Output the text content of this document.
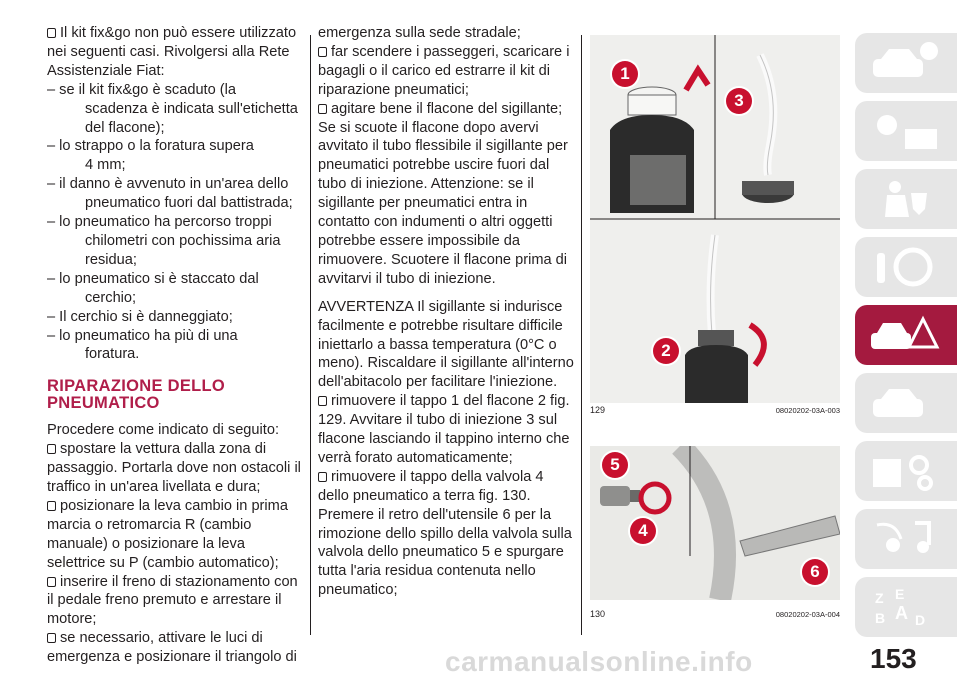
Il kit fix&go non può essere utilizzato nei seguenti casi. Rivolgersi alla Rete Assistenziale Fiat:

– se il kit fix&go è scaduto (la
scadenza è indicata sull'etichetta del flacone);
– lo strappo o la foratura supera
4 mm;
– il danno è avvenuto in un'area dello
pneumatico fuori dal battistrada;
– lo pneumatico ha percorso troppi
chilometri con pochissima aria residua;
– lo pneumatico si è staccato dal
cerchio;
– Il cerchio si è danneggiato;
– lo pneumatico ha più di una
foratura.
RIPARAZIONE DELLO PNEUMATICO

Procedere come indicato di seguito:

spostare la vettura dalla zona di passaggio. Portarla dove non ostacoli il traffico in un'area livellata e dura;

posizionare la leva cambio in prima marcia o retromarcia R (cambio manuale) o posizionare la leva selettrice su P (cambio automatico);

inserire il freno di stazionamento con il pedale freno premuto e arrestare il motore;

se necessario, attivare le luci di emergenza e posizionare il triangolo di

emergenza sulla sede stradale;

far scendere i passeggeri, scaricare i bagagli o il carico ed estrarre il kit di riparazione pneumatici;

agitare bene il flacone del sigillante; Se si scuote il flacone dopo avervi avvitato il tubo flessibile il sigillante per pneumatici potrebbe uscire fuori dal tubo di iniezione. Attenzione: se il sigillante per pneumatici entra in contatto con indumenti o altri oggetti potrebbe essere impossibile da rimuovere. Scuotere il flacone prima di avvitarvi il tubo di iniezione.

AVVERTENZA Il sigillante si indurisce facilmente e potrebbe risultare difficile iniettarlo a bassa temperatura (0°C o meno). Riscaldare il sigillante all'interno dell'abitacolo per facilitare l'iniezione.

rimuovere il tappo 1 del flacone 2 fig. 129. Avvitare il tubo di iniezione 3 sul flacone lasciando il tappino interno che verrà forato automaticamente;

rimuovere il tappo della valvola 4 dello pneumatico a terra fig. 130. Premere il retro dell'utensile 6 per la rimozione dello spillo della valvola sulla valvola dello pneumatico 5 e spurgare tutta l'aria residua contenuta nello pneumatico;

1
3
2
129	08020202-03A-003
5
4
6
130	08020202-03A-004
Z E
B A D
carmanualsonline.info	153
